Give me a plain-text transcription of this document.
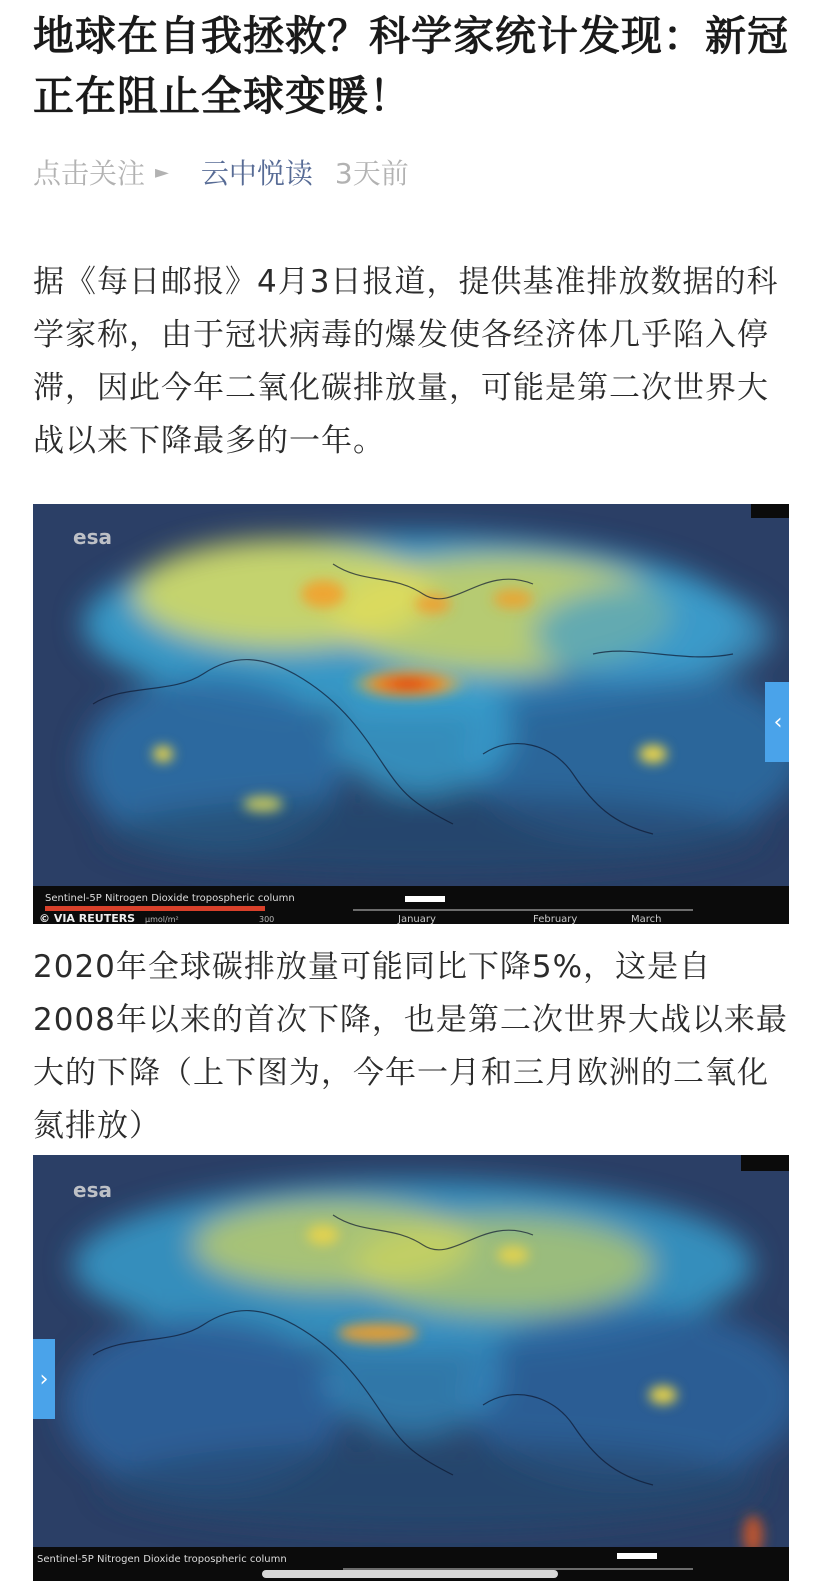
地球在自我拯救？科学家统计发现：新冠正在阻止全球变暖！
点击关注 ► 云中悦读 3天前

据《每日邮报》4月3日报道，提供基准排放数据的科学家称，由于冠状病毒的爆发使各经济体几乎陷入停滞，因此今年二氧化碳排放量，可能是第二次世界大战以来下降最多的一年。

esa
Sentinel-5P Nitrogen Dioxide tropospheric column
© VIA REUTERS µmol/m²	300	January	February	March
‹

2020年全球碳排放量可能同比下降5%，这是自2008年以来的首次下降，也是第二次世界大战以来最大的下降（上下图为，今年一月和三月欧洲的二氧化氮排放）

esa
Sentinel-5P Nitrogen Dioxide tropospheric column
›
